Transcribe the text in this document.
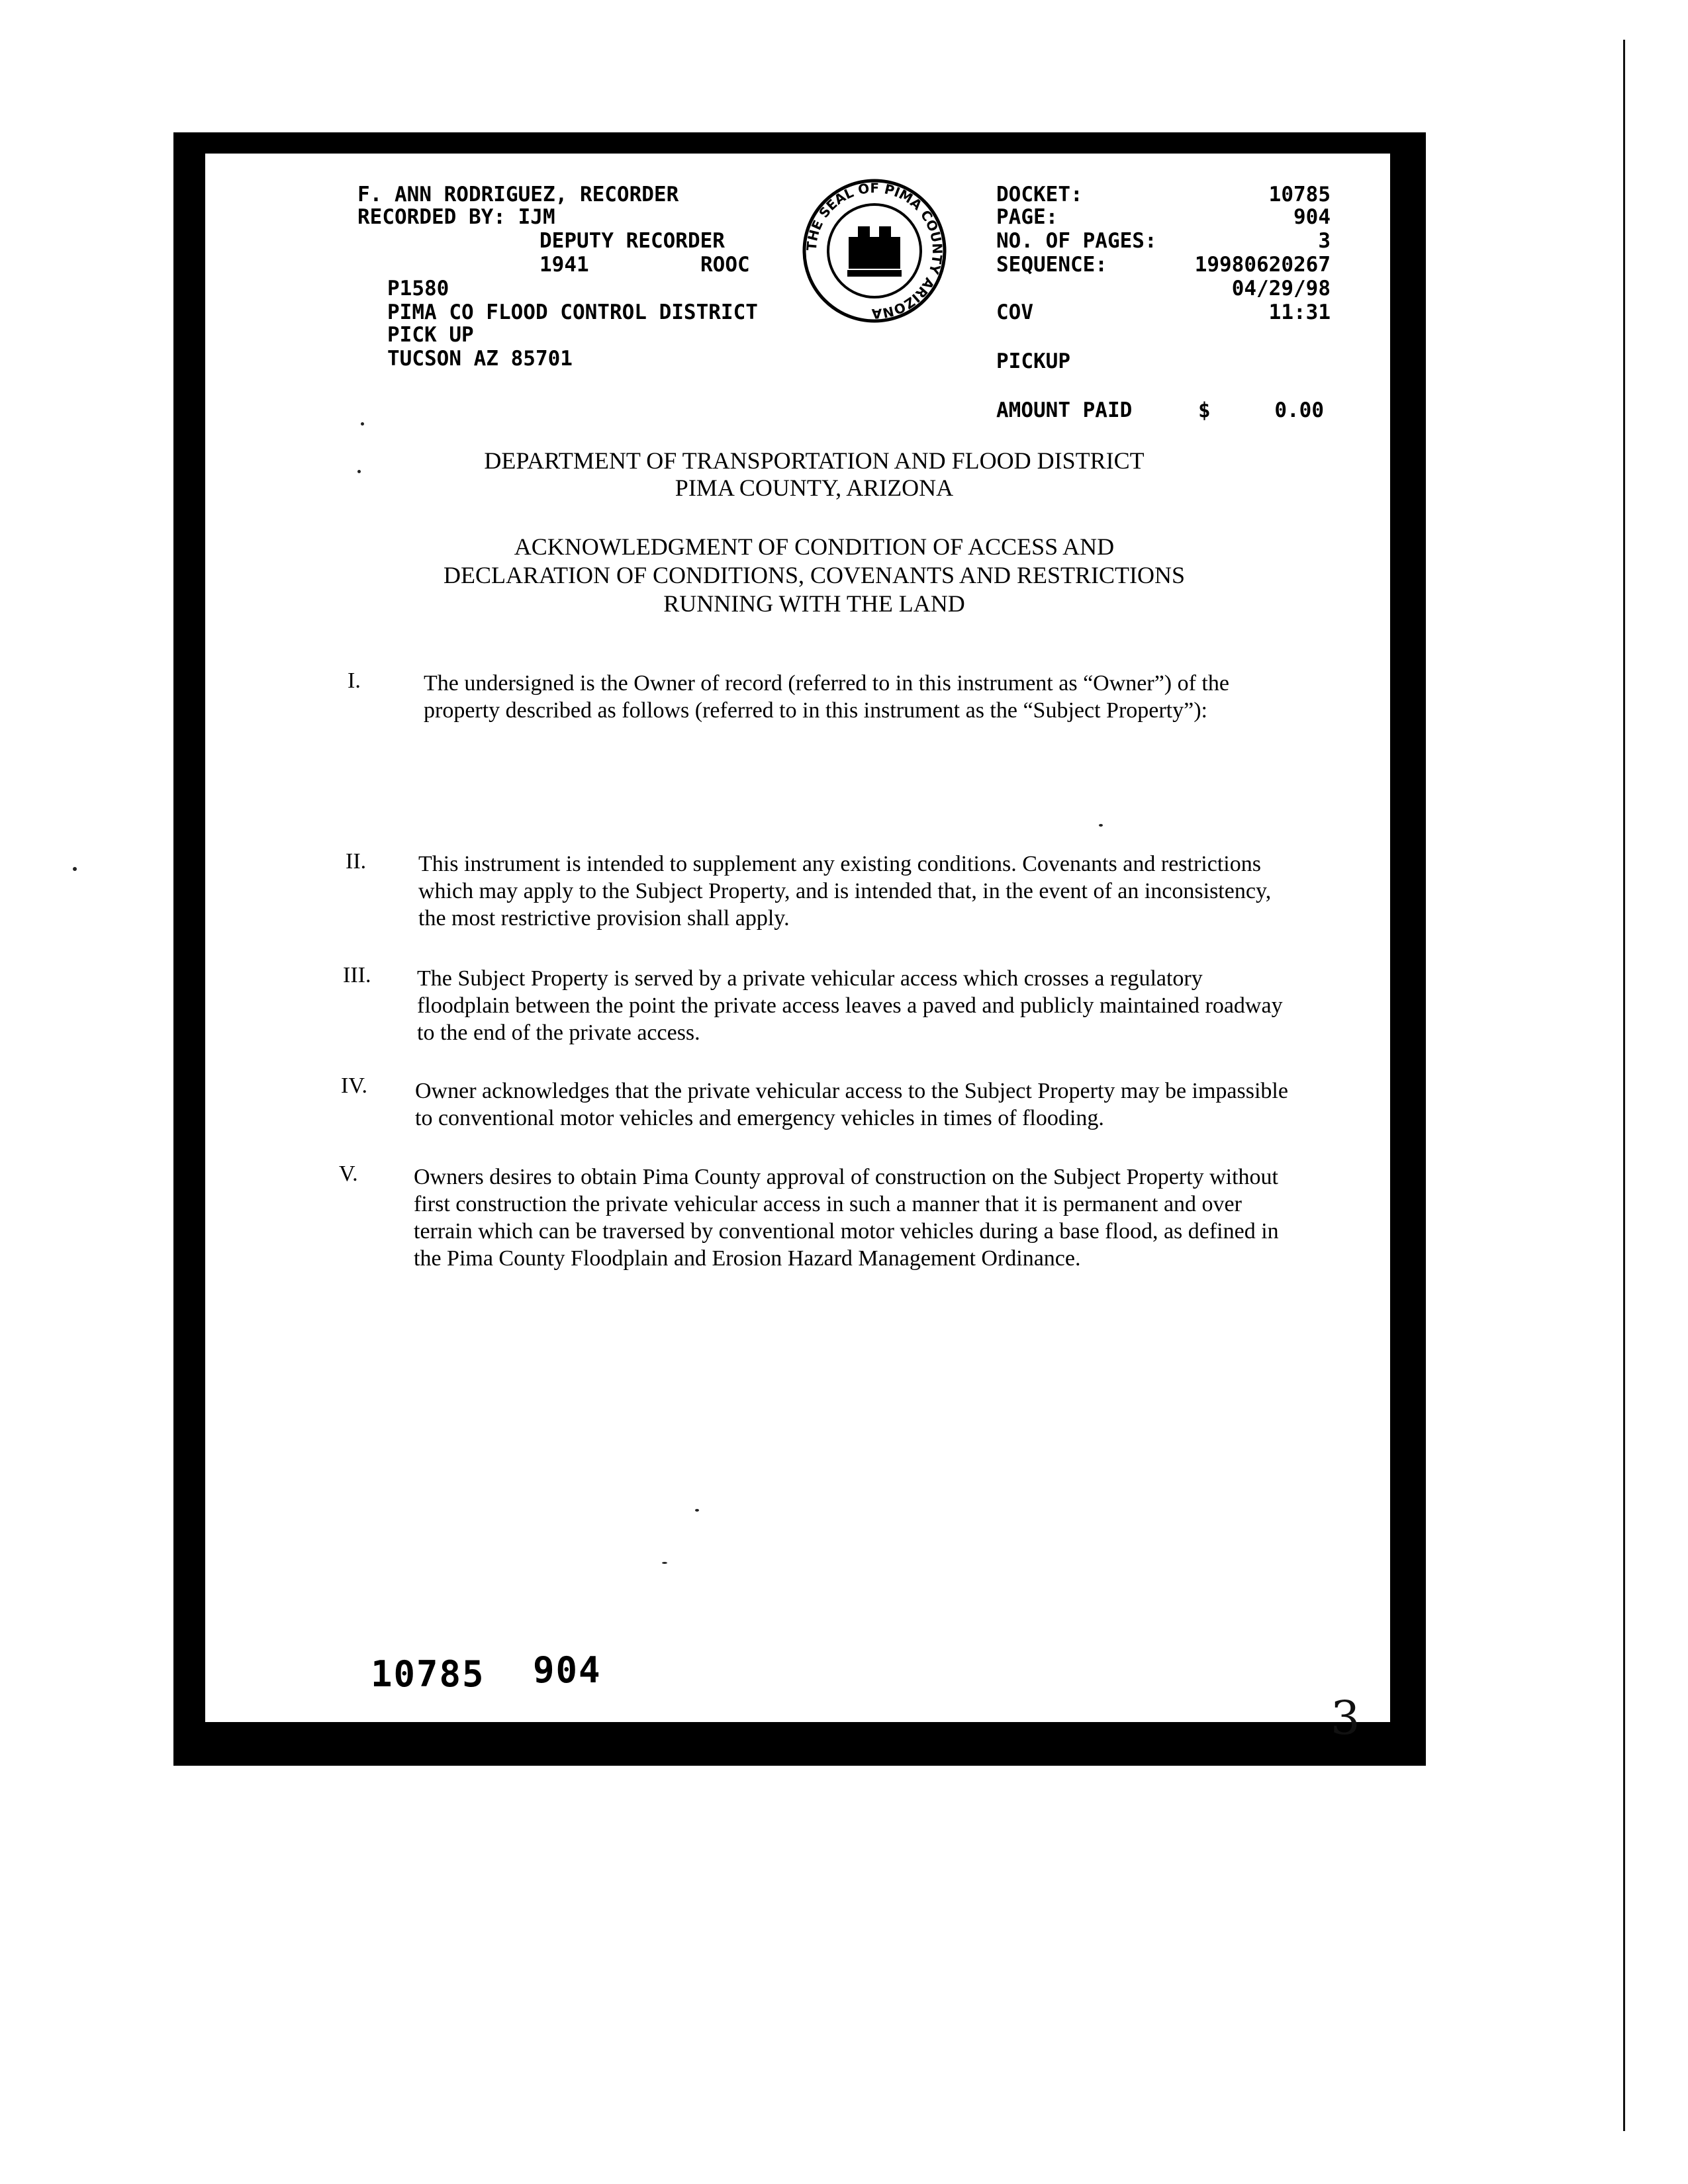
F. ANN RODRIGUEZ, RECORDER
RECORDED BY: IJM
DEPUTY RECORDER
1941	ROOC
P1580
PIMA CO FLOOD CONTROL DISTRICT
PICK UP
TUCSON AZ 85701
THE SEAL OF PIMA COUNTY ARIZONA
DOCKET:	10785
PAGE:	904
NO. OF PAGES:	3
SEQUENCE:	19980620267
04/29/98
COV	11:31
PICKUP
AMOUNT PAID	$	0.00
DEPARTMENT OF TRANSPORTATION AND FLOOD DISTRICT
PIMA COUNTY, ARIZONA
ACKNOWLEDGMENT OF CONDITION OF ACCESS AND
DECLARATION OF CONDITIONS, COVENANTS AND RESTRICTIONS
RUNNING WITH THE LAND
I.	The undersigned is the Owner of record (referred to in this instrument as “Owner”) of the property described as follows (referred to in this instrument as the “Subject Property”):
II. This instrument is intended to supplement any existing conditions. Covenants and restrictions which may apply to the Subject Property, and is intended that, in the event of an inconsistency, the most restrictive provision shall apply.
III. The Subject Property is served by a private vehicular access which crosses a regulatory floodplain between the point the private access leaves a paved and publicly maintained roadway to the end of the private access.
IV. Owner acknowledges that the private vehicular access to the Subject Property may be impassible to conventional motor vehicles and emergency vehicles in times of flooding.
V. Owners desires to obtain Pima County approval of construction on the Subject Property without first construction the private vehicular access in such a manner that it is permanent and over terrain which can be traversed by conventional motor vehicles during a base flood, as defined in the Pima County Floodplain and Erosion Hazard Management Ordinance.
10785 904
3
